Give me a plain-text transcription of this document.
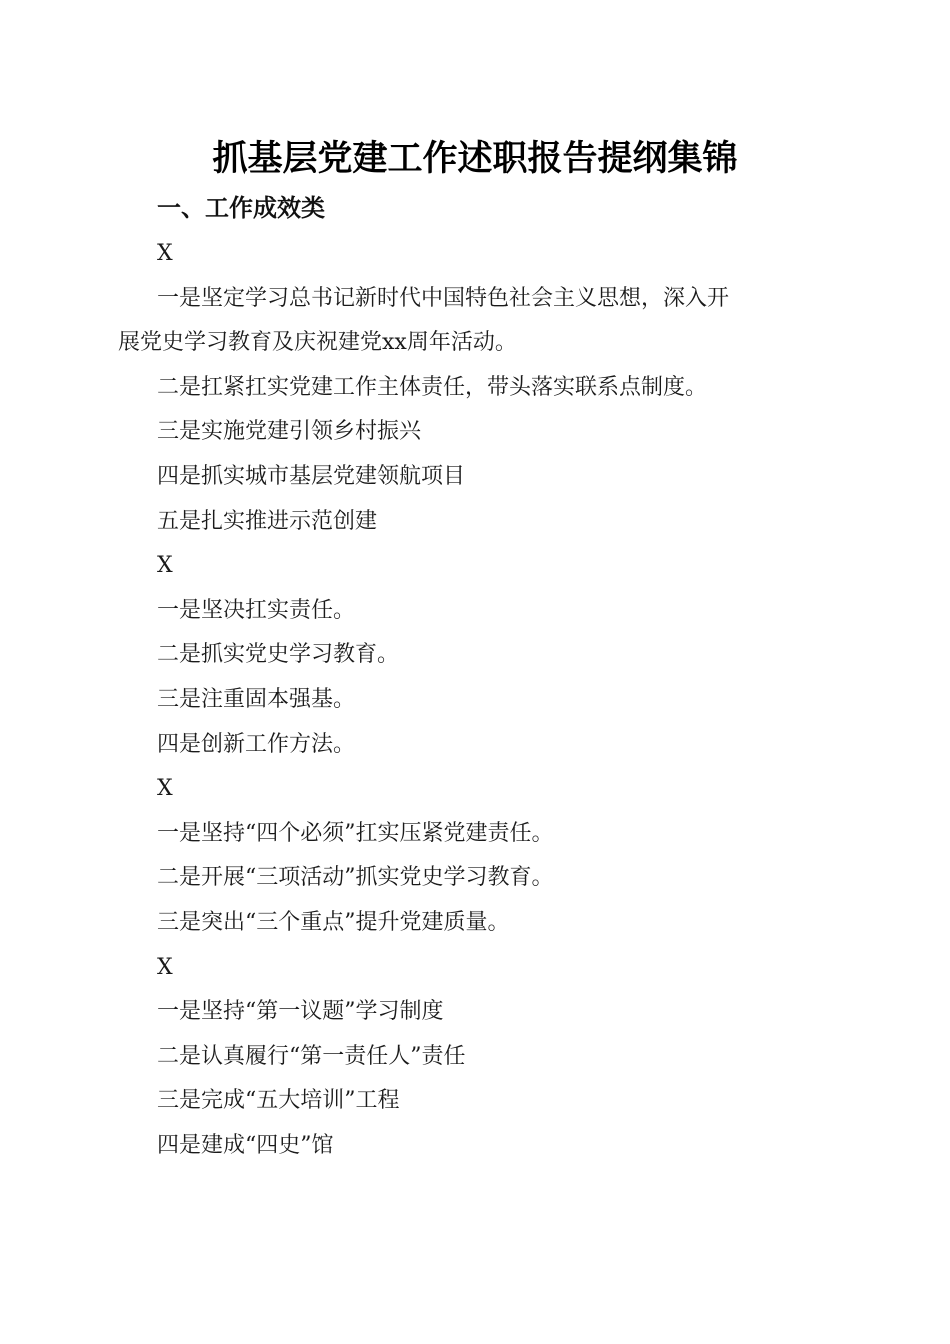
抓基层党建工作述职报告提纲集锦
一、工作成效类
X
一是坚定学习总书记新时代中国特色社会主义思想，深入开
展党史学习教育及庆祝建党xx周年活动。
二是扛紧扛实党建工作主体责任，带头落实联系点制度。
三是实施党建引领乡村振兴
四是抓实城市基层党建领航项目
五是扎实推进示范创建
X
一是坚决扛实责任。
二是抓实党史学习教育。
三是注重固本强基。
四是创新工作方法。
X
一是坚持“四个必须”扛实压紧党建责任。
二是开展“三项活动”抓实党史学习教育。
三是突出“三个重点”提升党建质量。
X
一是坚持“第一议题”学习制度
二是认真履行“第一责任人”责任
三是完成“五大培训”工程
四是建成“四史”馆
